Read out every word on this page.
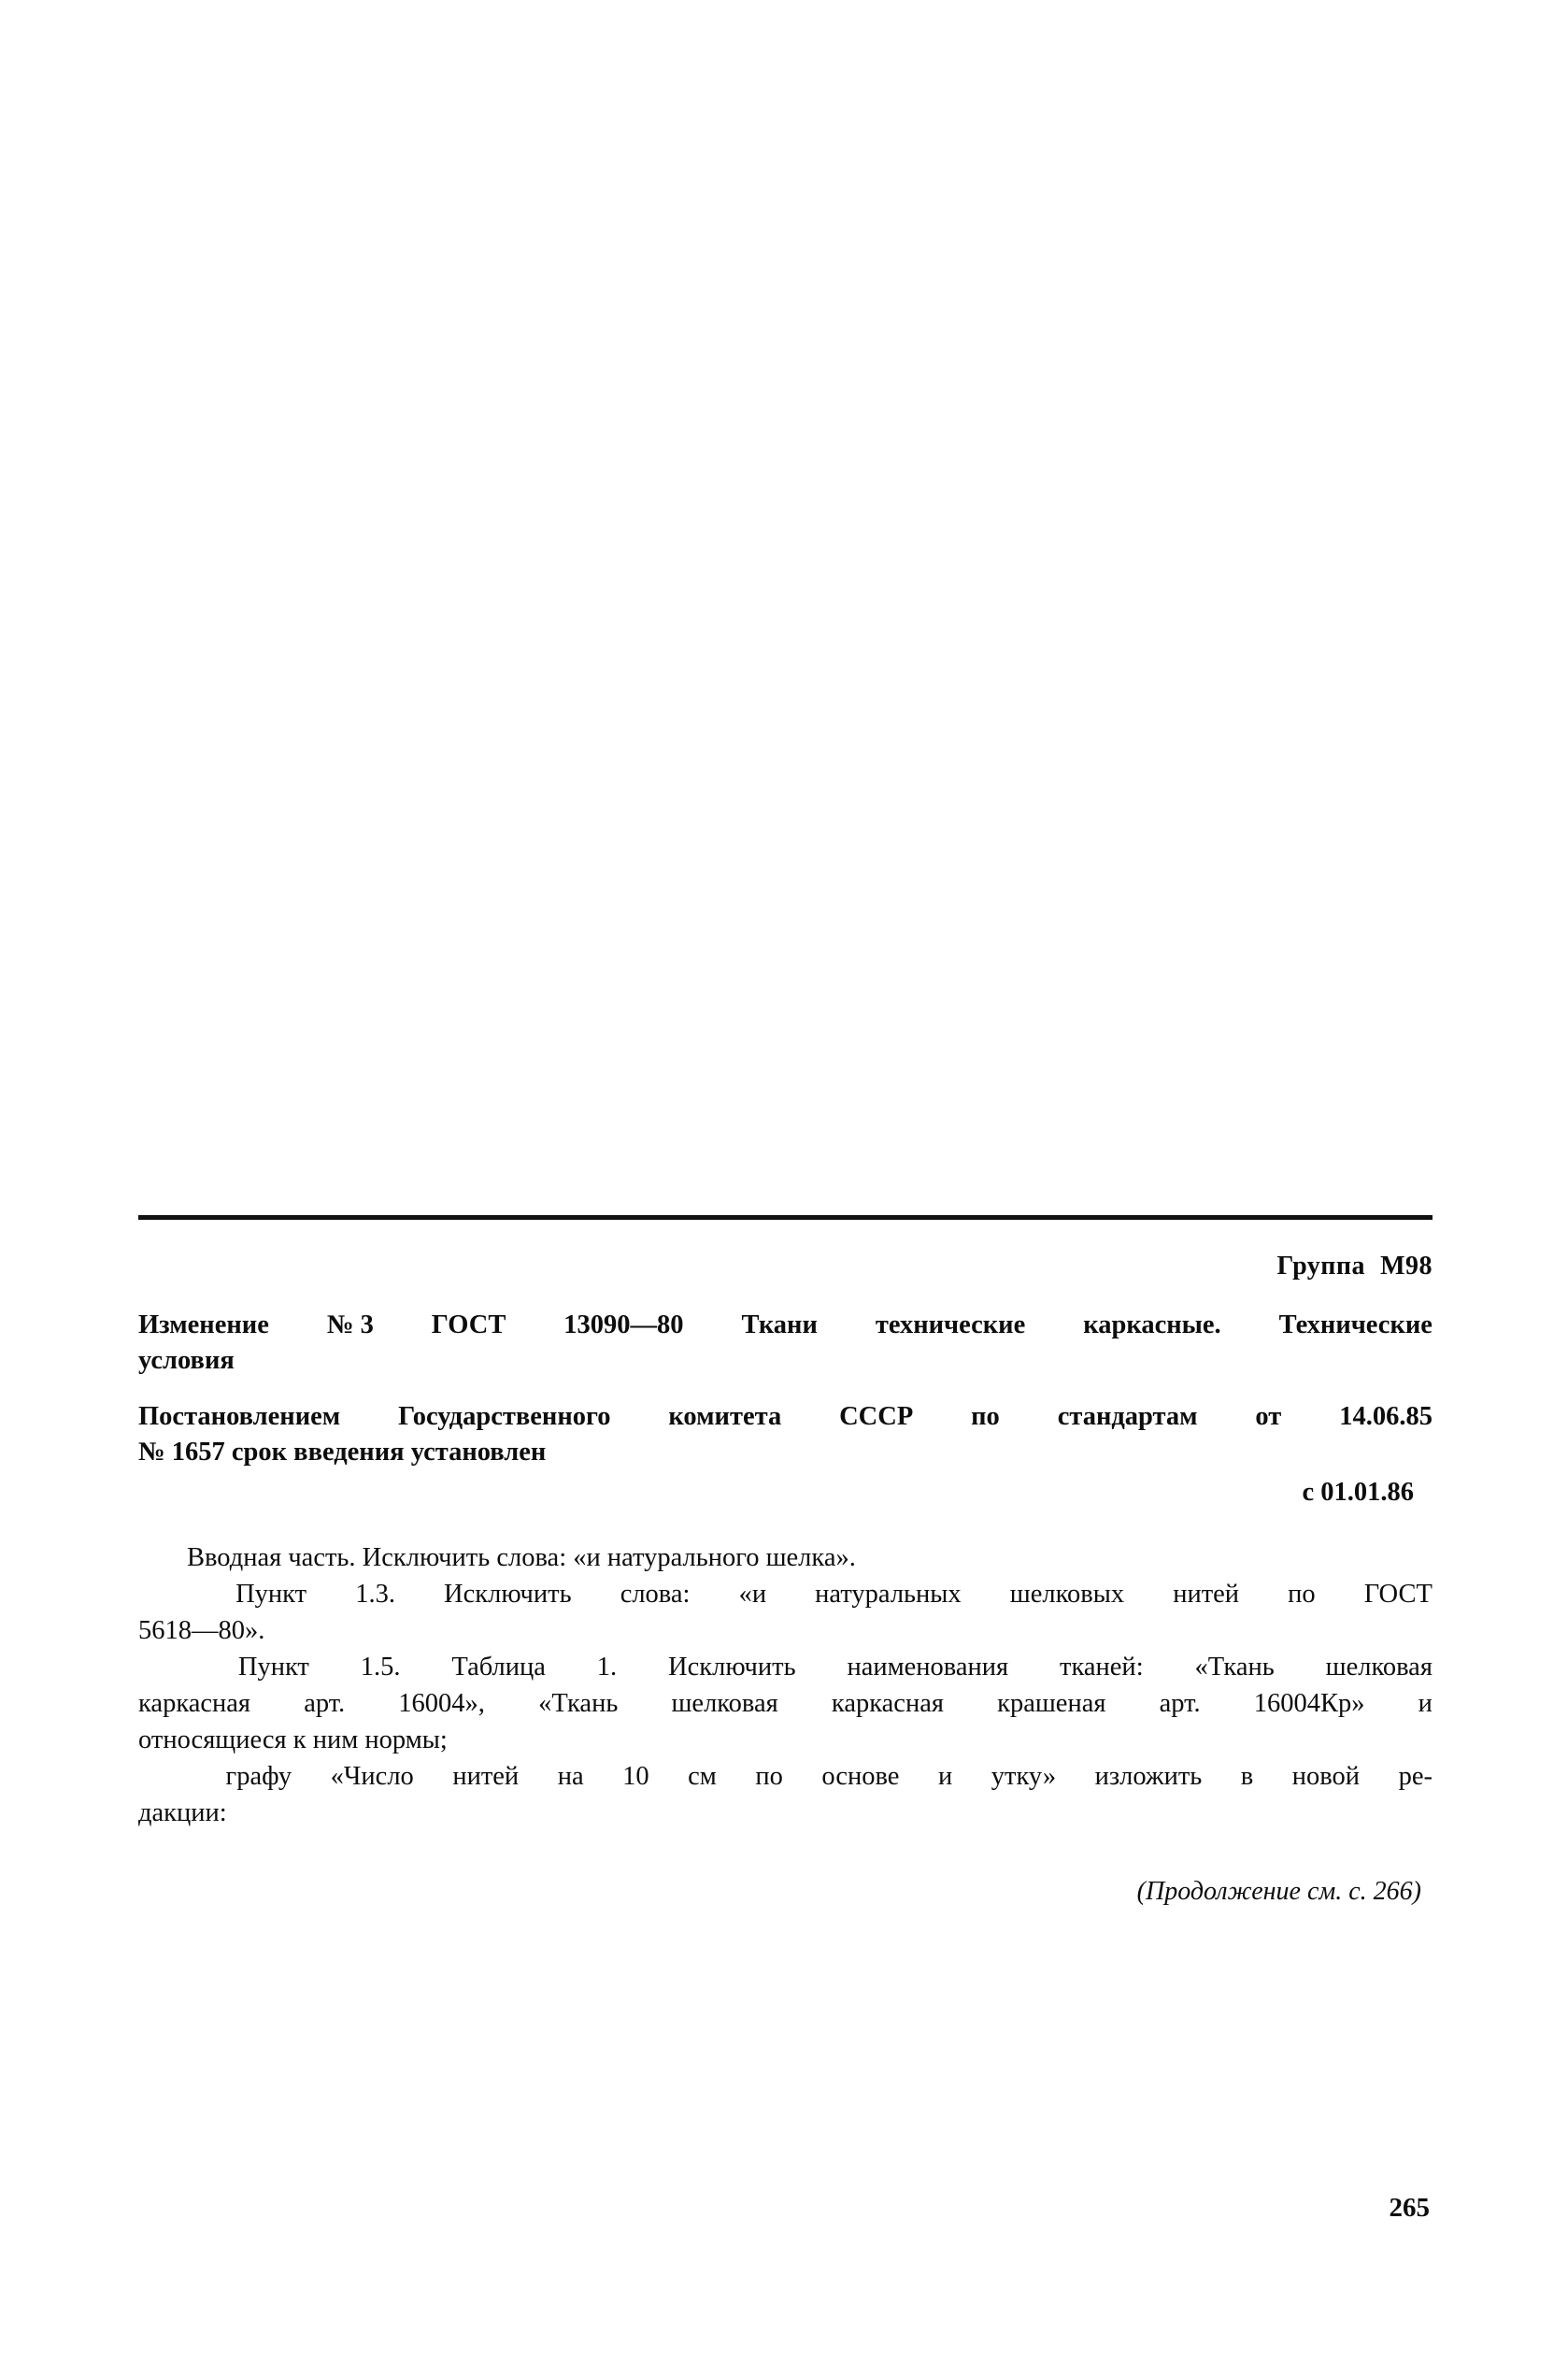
Группа М98
Изменение № 3 ГОСТ 13090—80 Ткани технические каркасные. Технические
условия
Постановлением Государственного комитета СССР по стандартам от 14.06.85
№ 1657 срок введения установлен
с 01.01.86

Вводная часть. Исключить слова: «и натурального шелка».

Пункт 1.3. Исключить слова: «и натуральных шелковых нитей по ГОСТ
5618—80».

Пункт 1.5. Таблица 1. Исключить наименования тканей: «Ткань шелковая
каркасная арт. 16004», «Ткань шелковая каркасная крашеная арт. 16004Кр» и
относящиеся к ним нормы;

графу «Число нитей на 10 см по основе и утку» изложить в новой ре-
дакции:

(Продолжение см. с. 266)
265
